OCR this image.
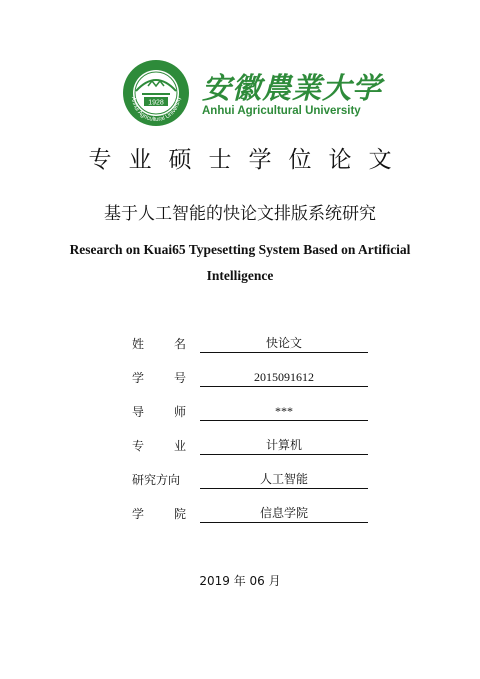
1928
Anhui Agricultural University 安徽農業大学
Anhui Agricultural University
专业硕士学位论文
基于人工智能的快论文排版系统研究
Research on Kuai65 Typesetting System Based on Artificial Intelligence
姓 名	快论文
学 号	2015091612
导 师	***
专 业	计算机
研究方向	人工智能
学 院	信息学院
2019 年 06 月
